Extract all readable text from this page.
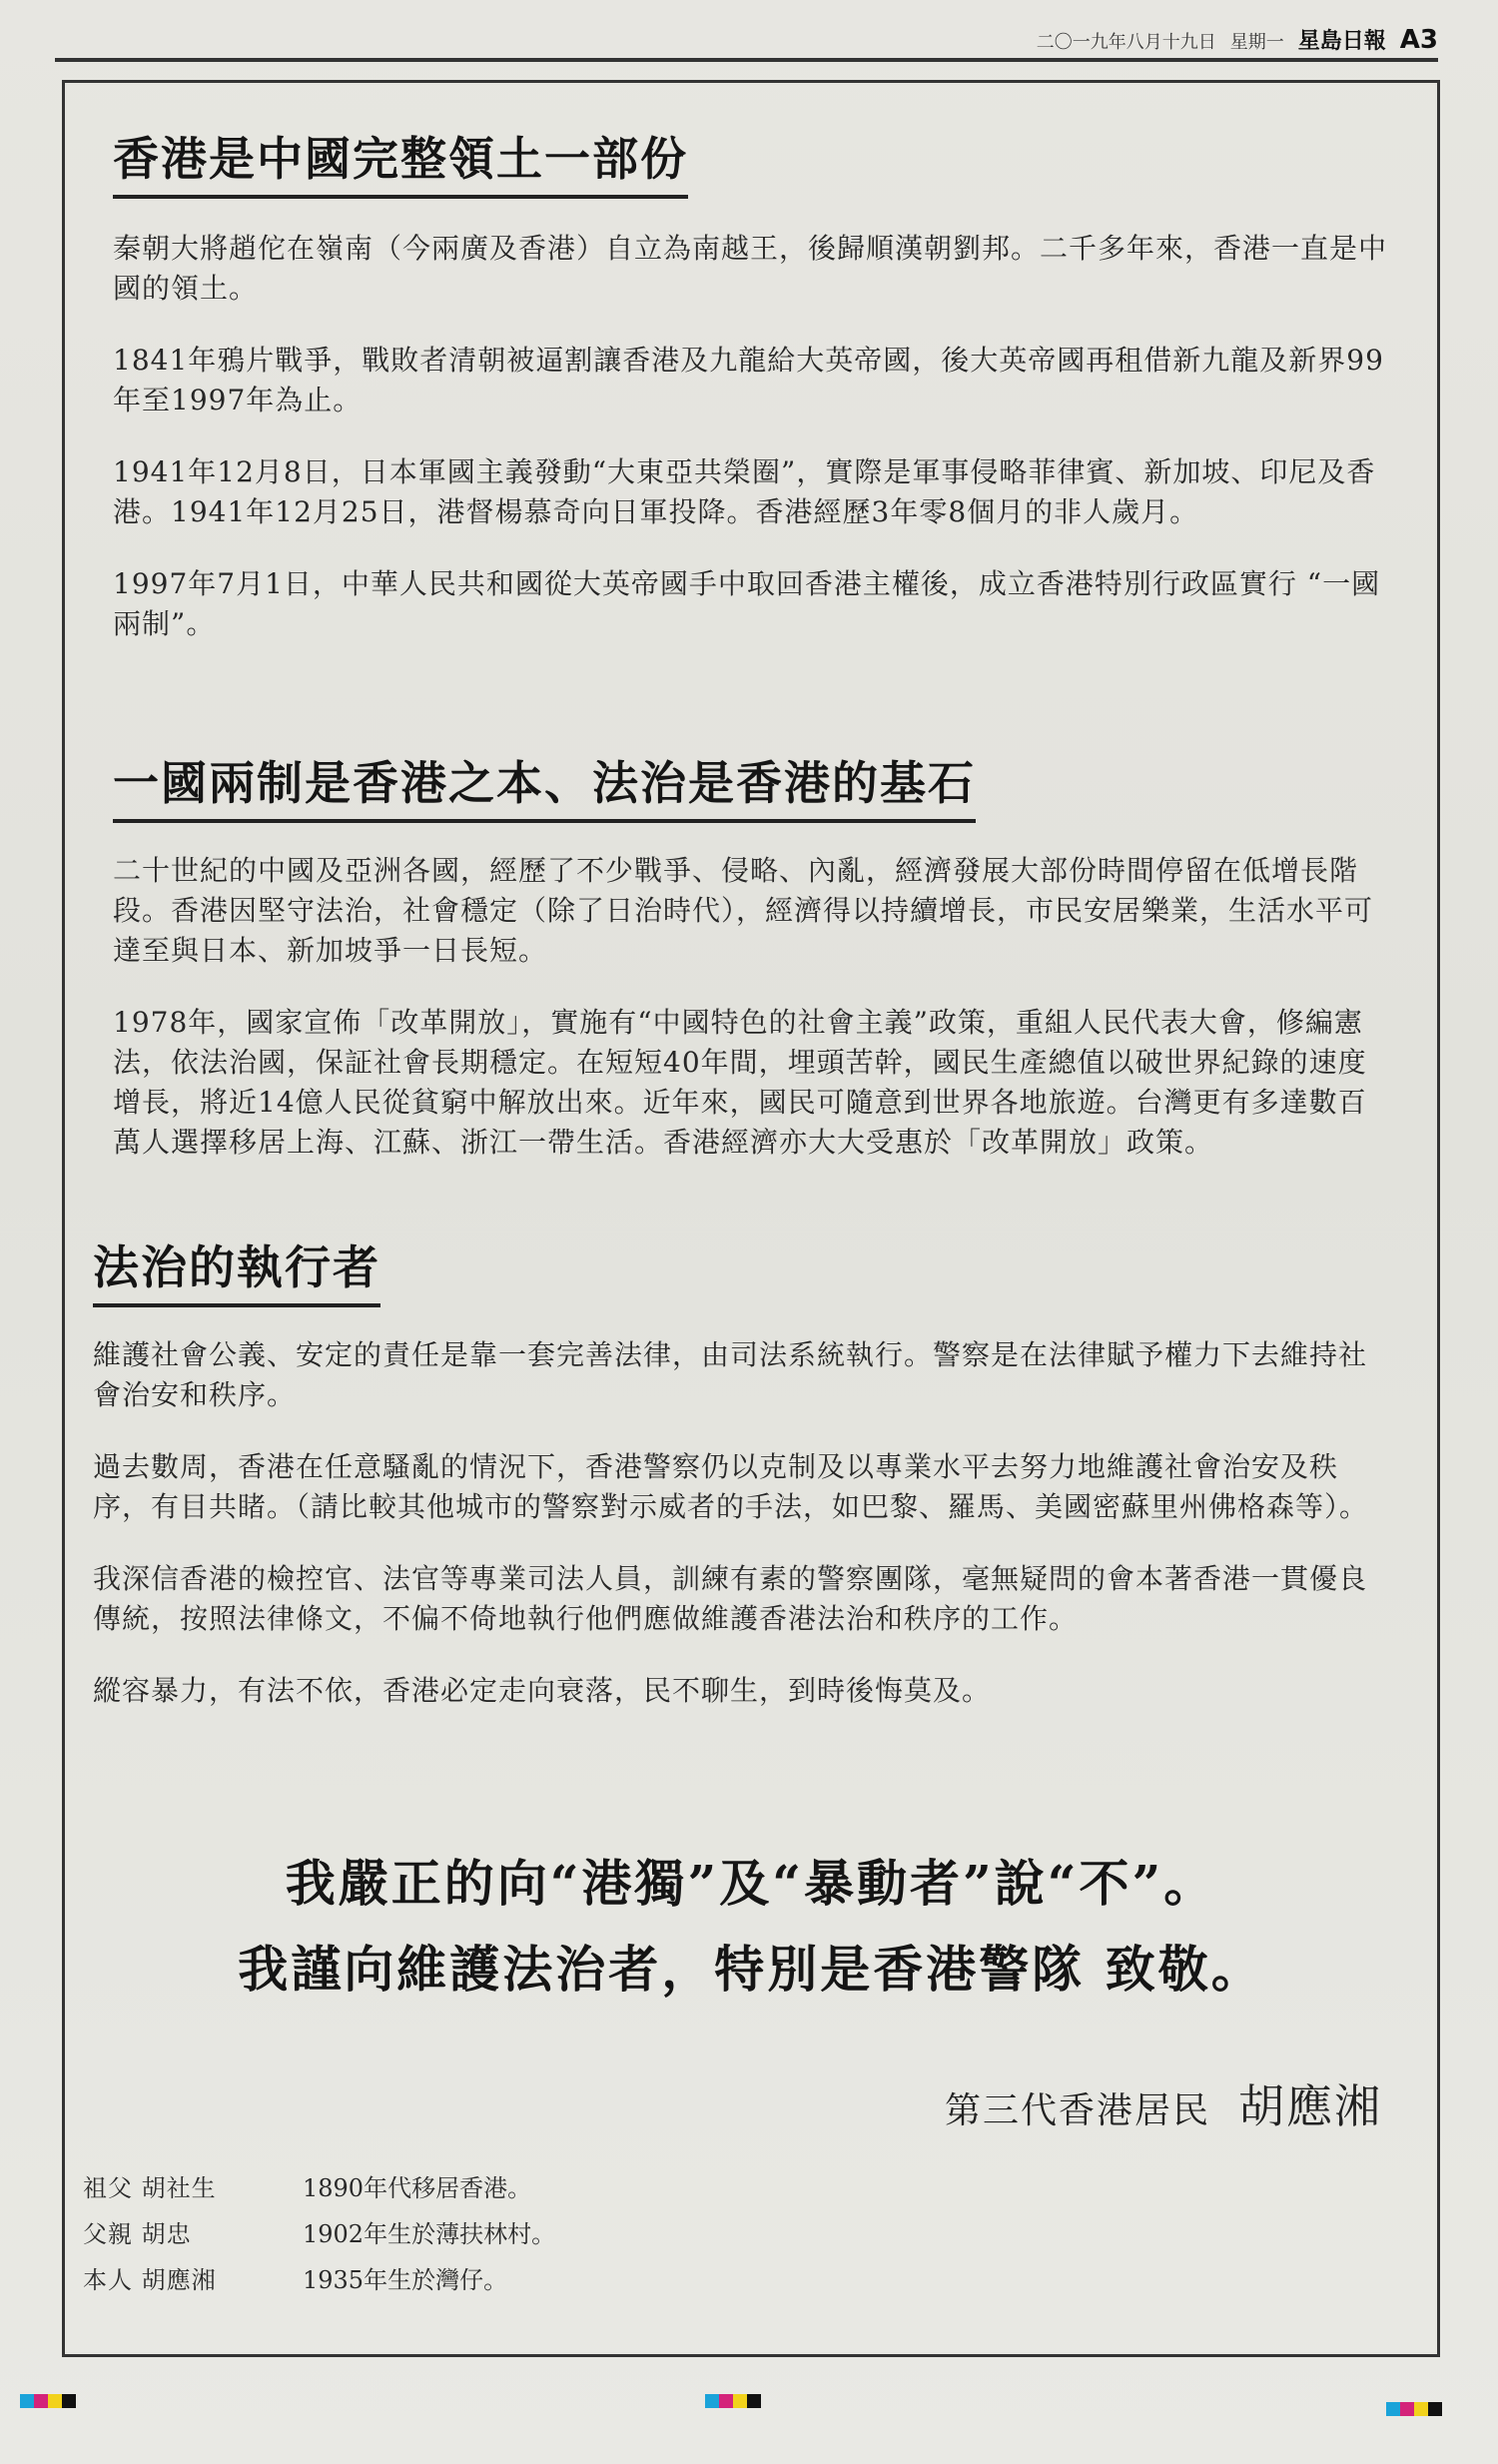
二〇一九年八月十九日 星期一 星島日報 A3
香港是中國完整領土一部份

秦朝大將趙佗在嶺南（今兩廣及香港）自立為南越王，後歸順漢朝劉邦。二千多年來，香港一直是中國的領土。

1841年鴉片戰爭，戰敗者清朝被逼割讓香港及九龍給大英帝國，後大英帝國再租借新九龍及新界99年至1997年為止。

1941年12月8日，日本軍國主義發動“大東亞共榮圈”，實際是軍事侵略菲律賓、新加坡、印尼及香港。1941年12月25日，港督楊慕奇向日軍投降。香港經歷3年零8個月的非人歲月。

1997年7月1日，中華人民共和國從大英帝國手中取回香港主權後，成立香港特別行政區實行 “一國兩制”。

一國兩制是香港之本、法治是香港的基石

二十世紀的中國及亞洲各國，經歷了不少戰爭、侵略、內亂，經濟發展大部份時間停留在低增長階段。香港因堅守法治，社會穩定（除了日治時代），經濟得以持續增長，市民安居樂業，生活水平可達至與日本、新加坡爭一日長短。

1978年，國家宣佈「改革開放」，實施有“中國特色的社會主義”政策，重組人民代表大會，修編憲法，依法治國，保証社會長期穩定。在短短40年間，埋頭苦幹，國民生產總值以破世界紀錄的速度增長，將近14億人民從貧窮中解放出來。近年來，國民可隨意到世界各地旅遊。台灣更有多達數百萬人選擇移居上海、江蘇、浙江一帶生活。香港經濟亦大大受惠於「改革開放」政策。

法治的執行者

維護社會公義、安定的責任是靠一套完善法律，由司法系統執行。警察是在法律賦予權力下去維持社會治安和秩序。

過去數周，香港在任意騷亂的情況下，香港警察仍以克制及以專業水平去努力地維護社會治安及秩序，有目共睹。（請比較其他城市的警察對示威者的手法，如巴黎、羅馬、美國密蘇里州佛格森等）。

我深信香港的檢控官、法官等專業司法人員，訓練有素的警察團隊，毫無疑問的會本著香港一貫優良傳統，按照法律條文，不偏不倚地執行他們應做維護香港法治和秩序的工作。

縱容暴力，有法不依，香港必定走向衰落，民不聊生，到時後悔莫及。

我嚴正的向“港獨”及“暴動者”說“不”。
我謹向維護法治者，特別是香港警隊 致敬。
第三代香港居民 胡應湘
祖父 胡社生	1890年代移居香港。
父親 胡忠	1902年生於薄扶林村。
本人 胡應湘	1935年生於灣仔。
